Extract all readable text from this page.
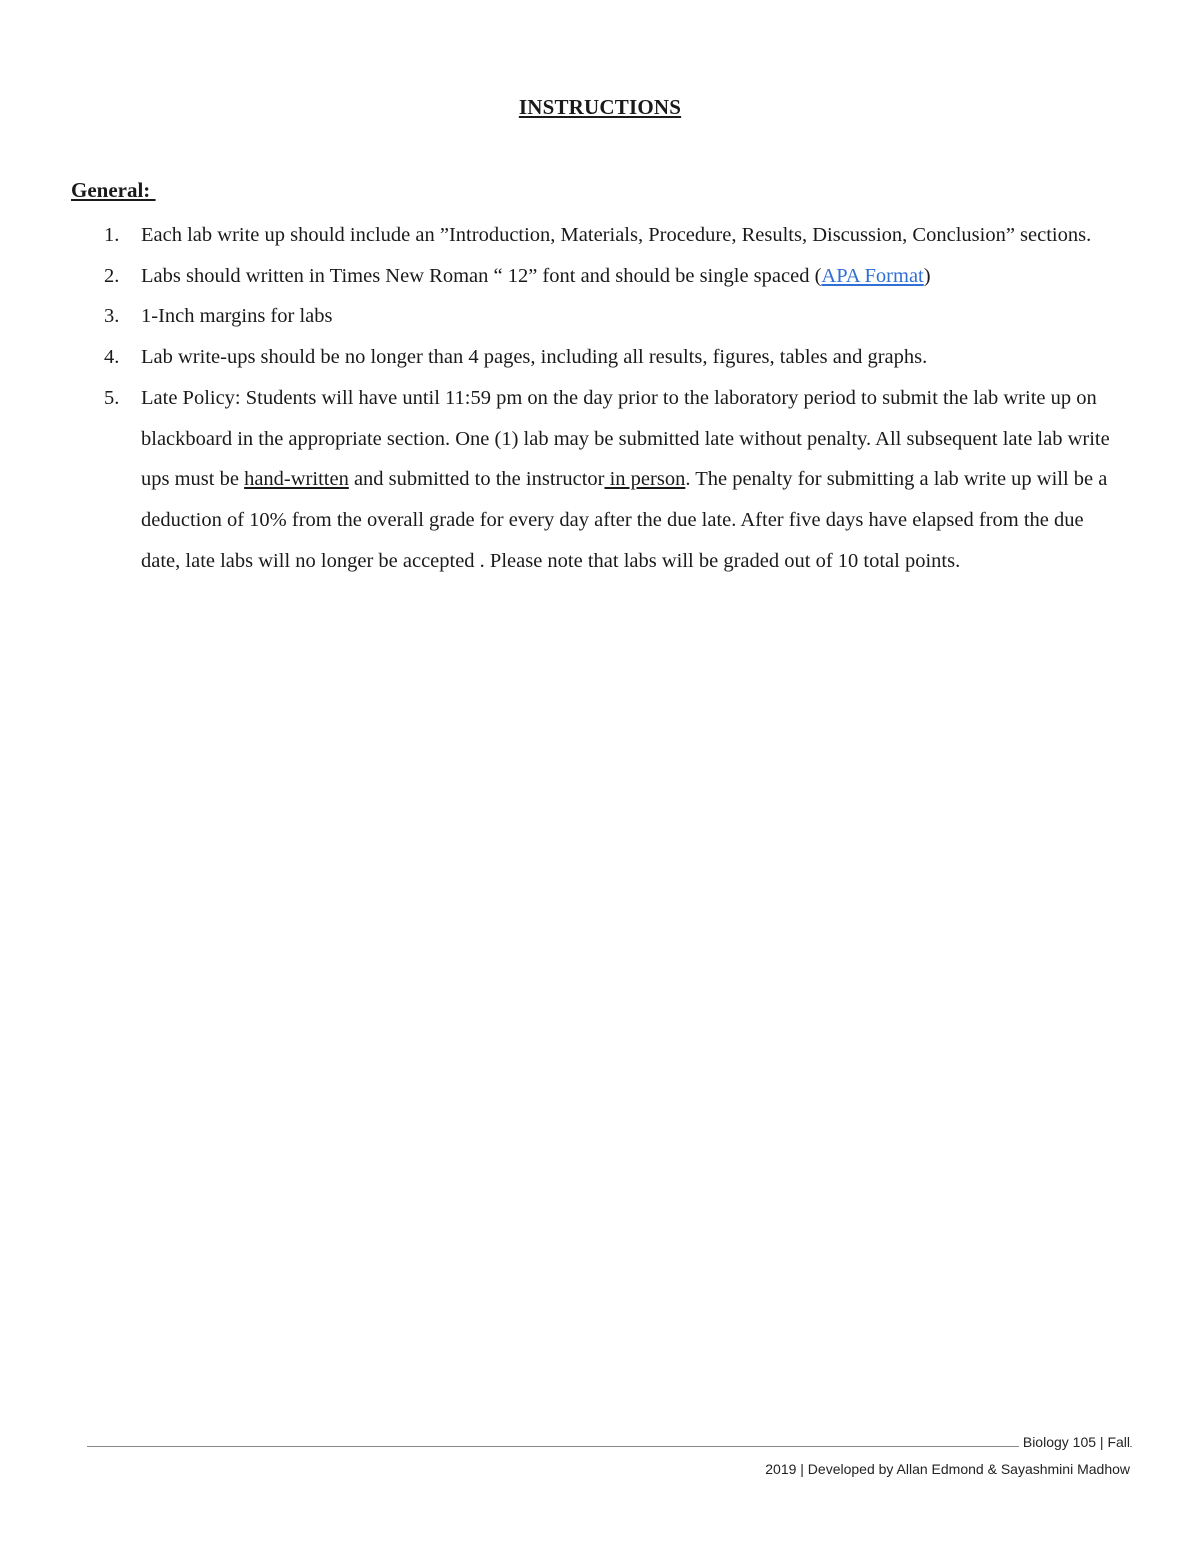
INSTRUCTIONS
General:
1. Each lab write up should include an ”Introduction, Materials, Procedure, Results, Discussion, Conclusion” sections.
2. Labs should written in Times New Roman “ 12” font and should be single spaced (APA Format)
3. 1-Inch margins for labs
4. Lab write-ups should be no longer than 4 pages, including all results, figures, tables and graphs.
5. Late Policy: Students will have until 11:59 pm on the day prior to the laboratory period to submit the lab write up on blackboard in the appropriate section. One (1) lab may be submitted late without penalty. All subsequent late lab write ups must be hand-written and submitted to the instructor in person. The penalty for submitting a lab write up will be a deduction of 10% from the overall grade for every day after the due late. After five days have elapsed from the due date, late labs will no longer be accepted . Please note that labs will be graded out of 10 total points.
Biology 105 | Fall
2019 | Developed by Allan Edmond & Sayashmini Madhow
